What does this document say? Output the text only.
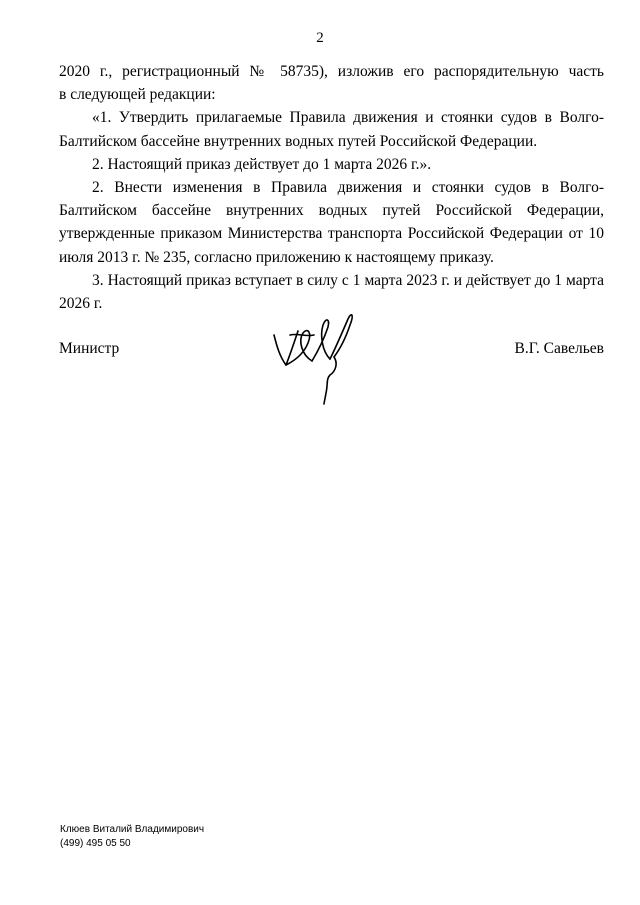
2

2020 г., регистрационный № 58735), изложив его распорядительную часть

в следующей редакции:

«1. Утвердить прилагаемые Правила движения и стоянки судов в Волго-Балтийском бассейне внутренних водных путей Российской Федерации.

2. Настоящий приказ действует до 1 марта 2026 г.».

2. Внести изменения в Правила движения и стоянки судов в Волго-Балтийском бассейне внутренних водных путей Российской Федерации, утвержденные приказом Министерства транспорта Российской Федерации от 10 июля 2013 г. № 235, согласно приложению к настоящему приказу.

3. Настоящий приказ вступает в силу с 1 марта 2023 г. и действует до 1 марта 2026 г.

Министр	В.Г. Савельев
Клюев Виталий Владимирович
(499) 495 05 50
